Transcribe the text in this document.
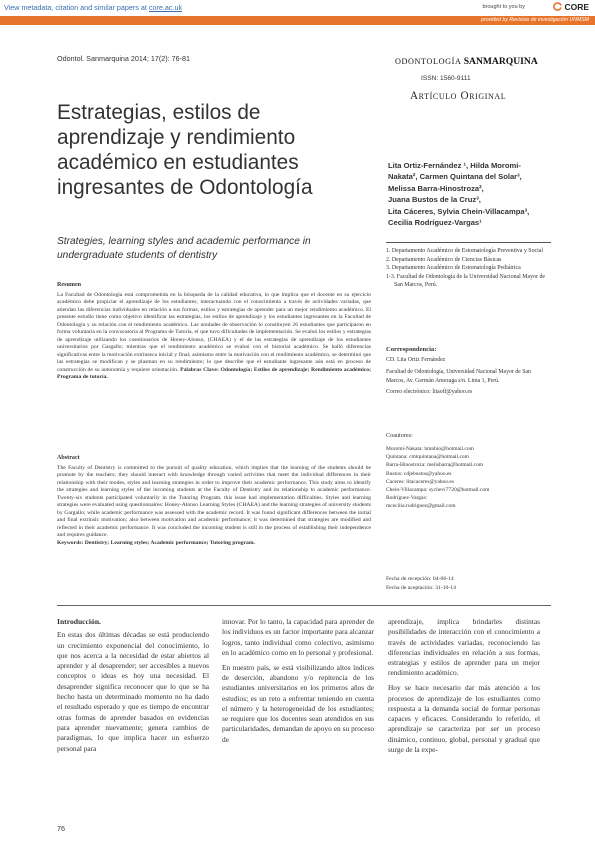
View metadata, citation and similar papers at core.ac.uk	brought to you by	CORE
provided by Revistas de investigación UNMSM
Odontol. Sanmarquina 2014; 17(2): 76-81	ODONTOLOGÍA SANMARQUINA
ISSN: 1560-9111
Artículo Original
Estrategias, estilos de aprendizaje y rendimiento académico en estudiantes ingresantes de Odontología
Strategies, learning styles and academic performance in undergraduate students of dentistry
Lita Ortiz-Fernández ¹, Hilda Moromi-
Nakata², Carmen Quintana del Solar³,
Melissa Barra-Hinostroza²,
Juana Bustos de la Cruz³,
Lita Cáceres, Sylvia Chein-Villacampa³,
Cecilia Rodríguez-Vargas¹
1. Departamento Académico de Estomatología Preventiva y Social
2. Departamento Académico de Ciencias Básicas
3. Departamento Académico de Estomatología Pediátrica
1-3. Facultad de Odontología de la Universidad Nacional Mayor de San Marcos, Perú.
Correspondencia:
CD. Lita Ortiz Fernández
Facultad de Odontología, Universidad Nacional Mayor de San Marcos, Av. Germán Amezaga s/n. Lima 1, Perú.
Correo electrónico: litaoff@yahoo.es
Coautores:
Moromi-Nakata: hmnbio@hotmail.com
Quintana: cmtquintana@hotmail.com
Barra-Hinostroza: melisbarra@hotmail.com
Bustos: cdjebustos@yahoo.es
Caceres: litacaceres@yahoo.es
Chein-Villacampa: sychevi7720@hotmail.com
Rodríguez-Vargas:
mcecilia.rodriguez@gmail.com
Fecha de recepción: 04-06-14
Fecha de aceptación: 31-10-14
Resumen
La Facultad de Odontología está comprometida en la búsqueda de la calidad educativa, lo que implica que el docente en su ejercicio académico debe propiciar el aprendizaje de los estudiantes; interactuando con el conocimiento a través de actividades variadas, que atiendan las diferencias individuales en relación a sus formas, estilos y estrategias de aprender para un mejor rendimiento académico. El presente estudio tiene como objetivo identificar las estrategias, los estilos de aprendizaje y los estudiantes ingresantes en la Facultad de Odontología y su relación con el rendimiento académico. Las unidades de observación lo constituyen 26 estudiantes que participaron en forma voluntaria en la convocatoria al Programa de Tutoría, el que tuvo dificultades de implementación. Se evaluó los estilos y estrategias de aprendizaje utilizando los cuestionarios de Honey-Alonso, (CHAEA) y el de las estrategias de aprendizaje de los estudiantes universitarios por Gargallo; mientras que el rendimiento académico se evaluó con el historial académico. Se halló diferencias significativas entre la motivación extrínseca inicial y final; asimismo entre la motivación con el rendimiento académico, se determinó que las estrategias se modifican y se plasman en su rendimiento; lo que describe que el estudiante ingresante aún está en proceso de construcción de su autonomía y requiere orientación. Palabras Clave: Odontología; Estilos de aprendizaje; Rendimiento académico; Programa de tutoría.
Abstract
The Faculty of Dentistry is committed to the pursuit of quality education, which implies that the learning of the students should be promote by the teachers; they should interact with knowledge through varied activities that meet the individual differences in their relationship with their modes, styles and learning strategies in order to improve their academic performance. This study aims to identify the strategies and learning styles of the incoming students at the Faculty of Dentistry and its relationship to academic performance. Twenty-six students participated voluntarily in the Tutoring Program, this issue had implementation difficulties. Styles and learning strategies were evaluated using questionnaires: Honey-Alonso Learning Styles (CHAEA) and the learning strategies of university students by Gargallo; while academic performance was assessed with the academic record. It was found significant differences between the initial and final extrinsic motivation; also between motivation and academic performance; it was determined that strategies are modified and reflected in their academic performance. It was concluded the incoming student is still in the process of establishing their independence and requires guidance.
Keywords: Dentistry; Learning styles; Academic performance; Tutoring program.
Introducción.

En estas dos últimas décadas se está produciendo un crecimiento exponencial del conocimiento, lo que nos acerca a la necesidad de estar abiertos al aprender y al desaprender; ser accesibles a nuevos conceptos o ideas es hoy una necesidad. El desaprender significa reconocer que lo que se ha hecho hasta un determinado momento no ha dado el resultado esperado y que es tiempo de encontrar otras formas de aprender basados en evidencias para aprender nuevamente; genera cambios de paradigmas, lo que implica hacer un esfuerzo personal para

innovar. Por lo tanto, la capacidad para aprender de los individuos es un factor importante para alcanzar logros, tanto individual como colectivo, asimismo en lo académico como en lo personal y profesional.

En nuestro país, se está visibilizando altos índices de deserción, abandono y/o repitencia de los estudiantes universitarios en los primeros años de estudios; es un reto a enfrentar teniendo en cuenta el número y la heterogeneidad de los estudiantes; se requiere que los docentes sean atendidos en sus particularidades, demandan de apoyo en su proceso de

aprendizaje, implica brindarles distintas posibilidades de interacción con el conocimiento a través de actividades variadas, reconociendo las diferencias individuales en relación a sus formas, estrategias y estilos de aprender para un mejor rendimiento académico.

Hoy se hace necesario dar más atención a los procesos de aprendizaje de los estudiantes como respuesta a la demanda social de formar personas capaces y eficaces. Considerando lo referido, el aprendizaje se caracteriza por ser un proceso dinámico, continuo, global, personal y gradual que surge de la expe-

76
